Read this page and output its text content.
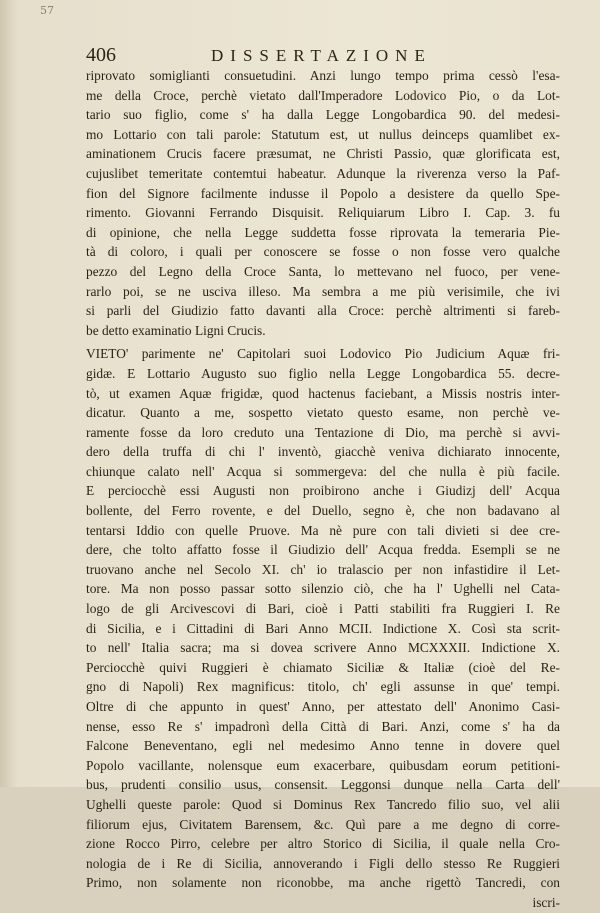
57
406	DISSERTAZIONE
riprovato somiglianti consuetudini. Anzi lungo tempo prima cessò l'esa-
me della Croce, perchè vietato dall'Imperadore Lodovico Pio, o da Lot-
tario suo figlio, come s' ha dalla Legge Longobardica 90. del medesi-
mo Lottario con tali parole: Statutum est, ut nullus deinceps quamlibet ex-
aminationem Crucis facere præsumat, ne Christi Passio, quæ glorificata est,
cujuslibet temeritate contemtui habeatur. Adunque la riverenza verso la Paf-
fion del Signore facilmente indusse il Popolo a desistere da quello Spe-
rimento. Giovanni Ferrando Disquisit. Reliquiarum Libro I. Cap. 3. fu
di opinione, che nella Legge suddetta fosse riprovata la temeraria Pie-
tà di coloro, i quali per conoscere se fosse o non fosse vero qualche
pezzo del Legno della Croce Santa, lo mettevano nel fuoco, per vene-
rarlo poi, se ne usciva illeso. Ma sembra a me più verisimile, che ivi
si parli del Giudizio fatto davanti alla Croce: perchè altrimenti si fareb-
be detto examinatio Ligni Crucis.
VIETO' parimente ne' Capitolari suoi Lodovico Pio Judicium Aquæ fri-
gidæ. E Lottario Augusto suo figlio nella Legge Longobardica 55. decre-
tò, ut examen Aquæ frigidæ, quod hactenus faciebant, a Missis nostris inter-
dicatur. Quanto a me, sospetto vietato questo esame, non perchè ve-
ramente fosse da loro creduto una Tentazione di Dio, ma perchè si avvi-
dero della truffa di chi l' inventò, giacchè veniva dichiarato innocente,
chiunque calato nell' Acqua si sommergeva: del che nulla è più facile.
E perciocchè essi Augusti non proibirono anche i Giudizj dell' Acqua
bollente, del Ferro rovente, e del Duello, segno è, che non badavano al
tentarsi Iddio con quelle Pruove. Ma nè pure con tali divieti si dee cre-
dere, che tolto affatto fosse il Giudizio dell' Acqua fredda. Esempli se ne
truovano anche nel Secolo XI. ch' io tralascio per non infastidire il Let-
tore. Ma non posso passar sotto silenzio ciò, che ha l' Ughelli nel Cata-
logo de gli Arcivescovi di Bari, cioè i Patti stabiliti fra Ruggieri I. Re
di Sicilia, e i Cittadini di Bari Anno MCII. Indictione X. Così sta scrit-
to nell' Italia sacra; ma si dovea scrivere Anno MCXXXII. Indictione X.
Perciocchè quivi Ruggieri è chiamato Siciliæ & Italiæ (cioè del Re-
gno di Napoli) Rex magnificus: titolo, ch' egli assunse in que' tempi.
Oltre di che appunto in quest' Anno, per attestato dell' Anonimo Casi-
nense, esso Re s' impadronì della Città di Bari. Anzi, come s' ha da
Falcone Beneventano, egli nel medesimo Anno tenne in dovere quel
Popolo vacillante, nolensque eum exacerbare, quibusdam eorum petitioni-
bus, prudenti consilio usus, consensit. Leggonsi dunque nella Carta dell'
Ughelli queste parole: Quod si Dominus Rex Tancredo filio suo, vel alii
filiorum ejus, Civitatem Barensem, &c. Quì pare a me degno di corre-
zione Rocco Pirro, celebre per altro Storico di Sicilia, il quale nella Cro-
nologia de i Re di Sicilia, annoverando i Figli dello stesso Re Ruggieri
Primo, non solamente non riconobbe, ma anche rigettò Tancredi, con
iscri-
